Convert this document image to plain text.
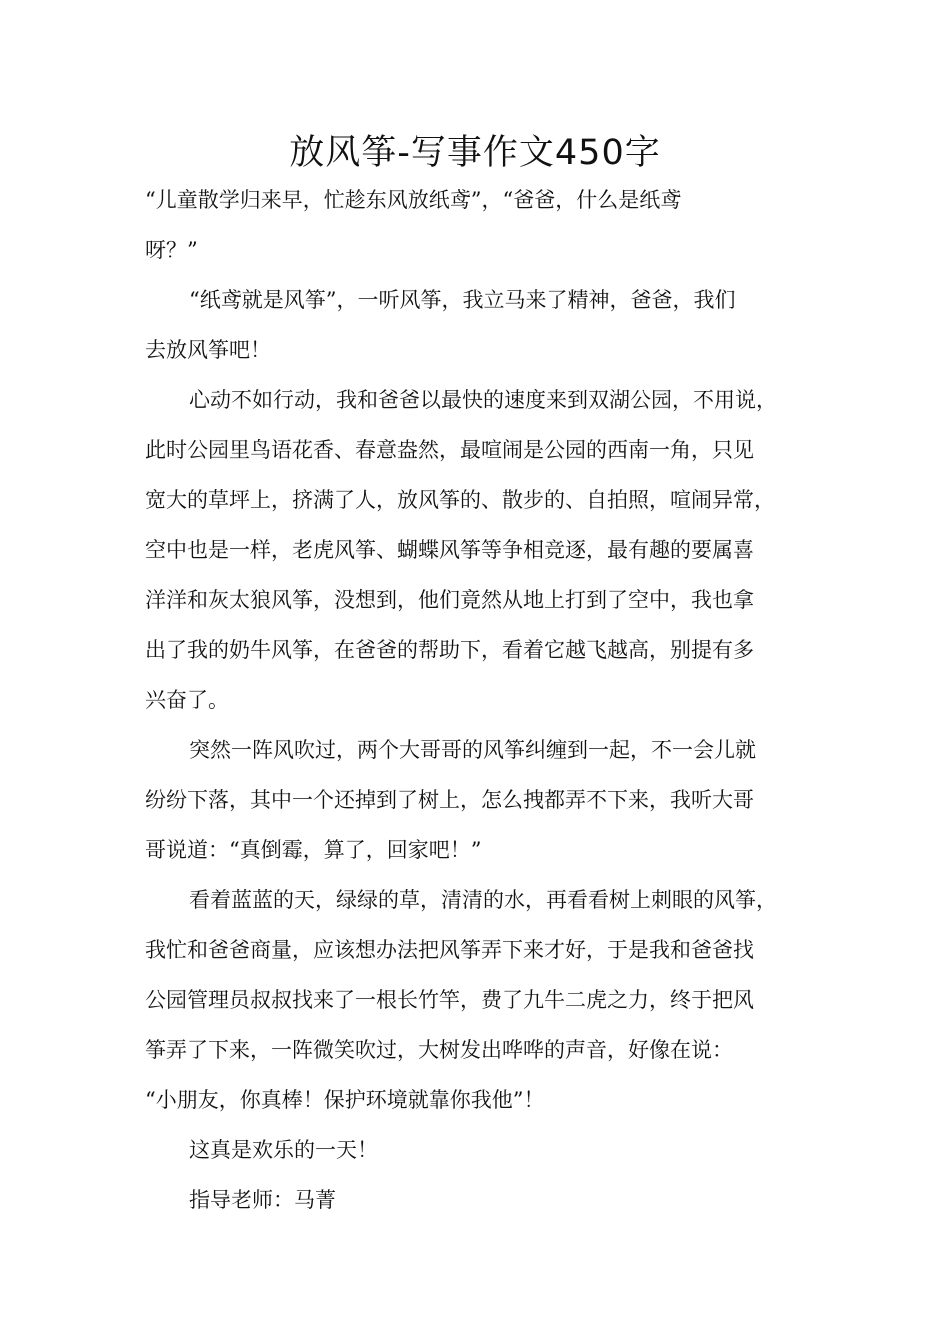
放风筝-写事作文450字
“儿童散学归来早，忙趁东风放纸鸢”，“爸爸，什么是纸鸢
呀？”
“纸鸢就是风筝”，一听风筝，我立马来了精神，爸爸，我们
去放风筝吧！
心动不如行动，我和爸爸以最快的速度来到双湖公园，不用说，
此时公园里鸟语花香、春意盎然，最喧闹是公园的西南一角，只见
宽大的草坪上，挤满了人，放风筝的、散步的、自拍照，喧闹异常，
空中也是一样，老虎风筝、蝴蝶风筝等争相竞逐，最有趣的要属喜
洋洋和灰太狼风筝，没想到，他们竟然从地上打到了空中，我也拿
出了我的奶牛风筝，在爸爸的帮助下，看着它越飞越高，别提有多
兴奋了。
突然一阵风吹过，两个大哥哥的风筝纠缠到一起，不一会儿就
纷纷下落，其中一个还掉到了树上，怎么拽都弄不下来，我听大哥
哥说道：“真倒霉，算了，回家吧！”
看着蓝蓝的天，绿绿的草，清清的水，再看看树上刺眼的风筝，
我忙和爸爸商量，应该想办法把风筝弄下来才好，于是我和爸爸找
公园管理员叔叔找来了一根长竹竿，费了九牛二虎之力，终于把风
筝弄了下来，一阵微笑吹过，大树发出哗哗的声音，好像在说：
“小朋友，你真棒！保护环境就靠你我他”！
这真是欢乐的一天！
指导老师：马菁
